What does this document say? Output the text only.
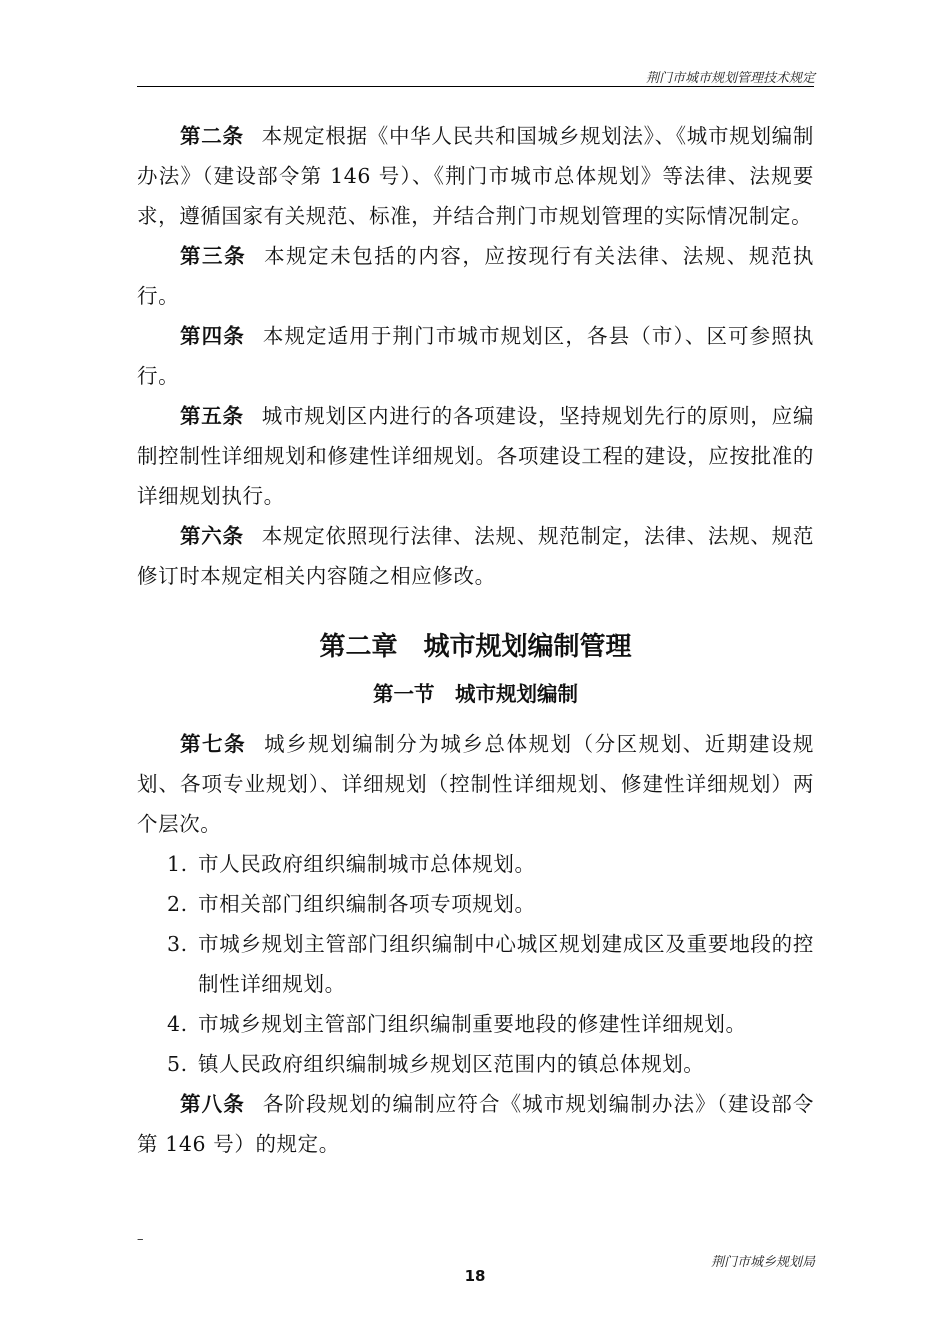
荆门市城市规划管理技术规定

第二条 本规定根据《中华人民共和国城乡规划法》、《城市规划编制办法》（建设部令第 146 号）、《荆门市城市总体规划》等法律、法规要求，遵循国家有关规范、标准，并结合荆门市规划管理的实际情况制定。

第三条 本规定未包括的内容，应按现行有关法律、法规、规范执行。

第四条 本规定适用于荆门市城市规划区，各县（市）、区可参照执行。

第五条 城市规划区内进行的各项建设，坚持规划先行的原则，应编制控制性详细规划和修建性详细规划。各项建设工程的建设，应按批准的详细规划执行。

第六条 本规定依照现行法律、法规、规范制定，法律、法规、规范修订时本规定相关内容随之相应修改。

第二章　城市规划编制管理
第一节　城市规划编制

第七条 城乡规划编制分为城乡总体规划（分区规划、近期建设规划、各项专业规划）、详细规划（控制性详细规划、修建性详细规划）两个层次。

1. 市人民政府组织编制城市总体规划。
2. 市相关部门组织编制各项专项规划。
3. 市城乡规划主管部门组织编制中心城区规划建成区及重要地段的控制性详细规划。
4. 市城乡规划主管部门组织编制重要地段的修建性详细规划。
5. 镇人民政府组织编制城乡规划区范围内的镇总体规划。

第八条 各阶段规划的编制应符合《城市规划编制办法》（建设部令 第 146 号）的规定。

–
荆门市城乡规划局
18
